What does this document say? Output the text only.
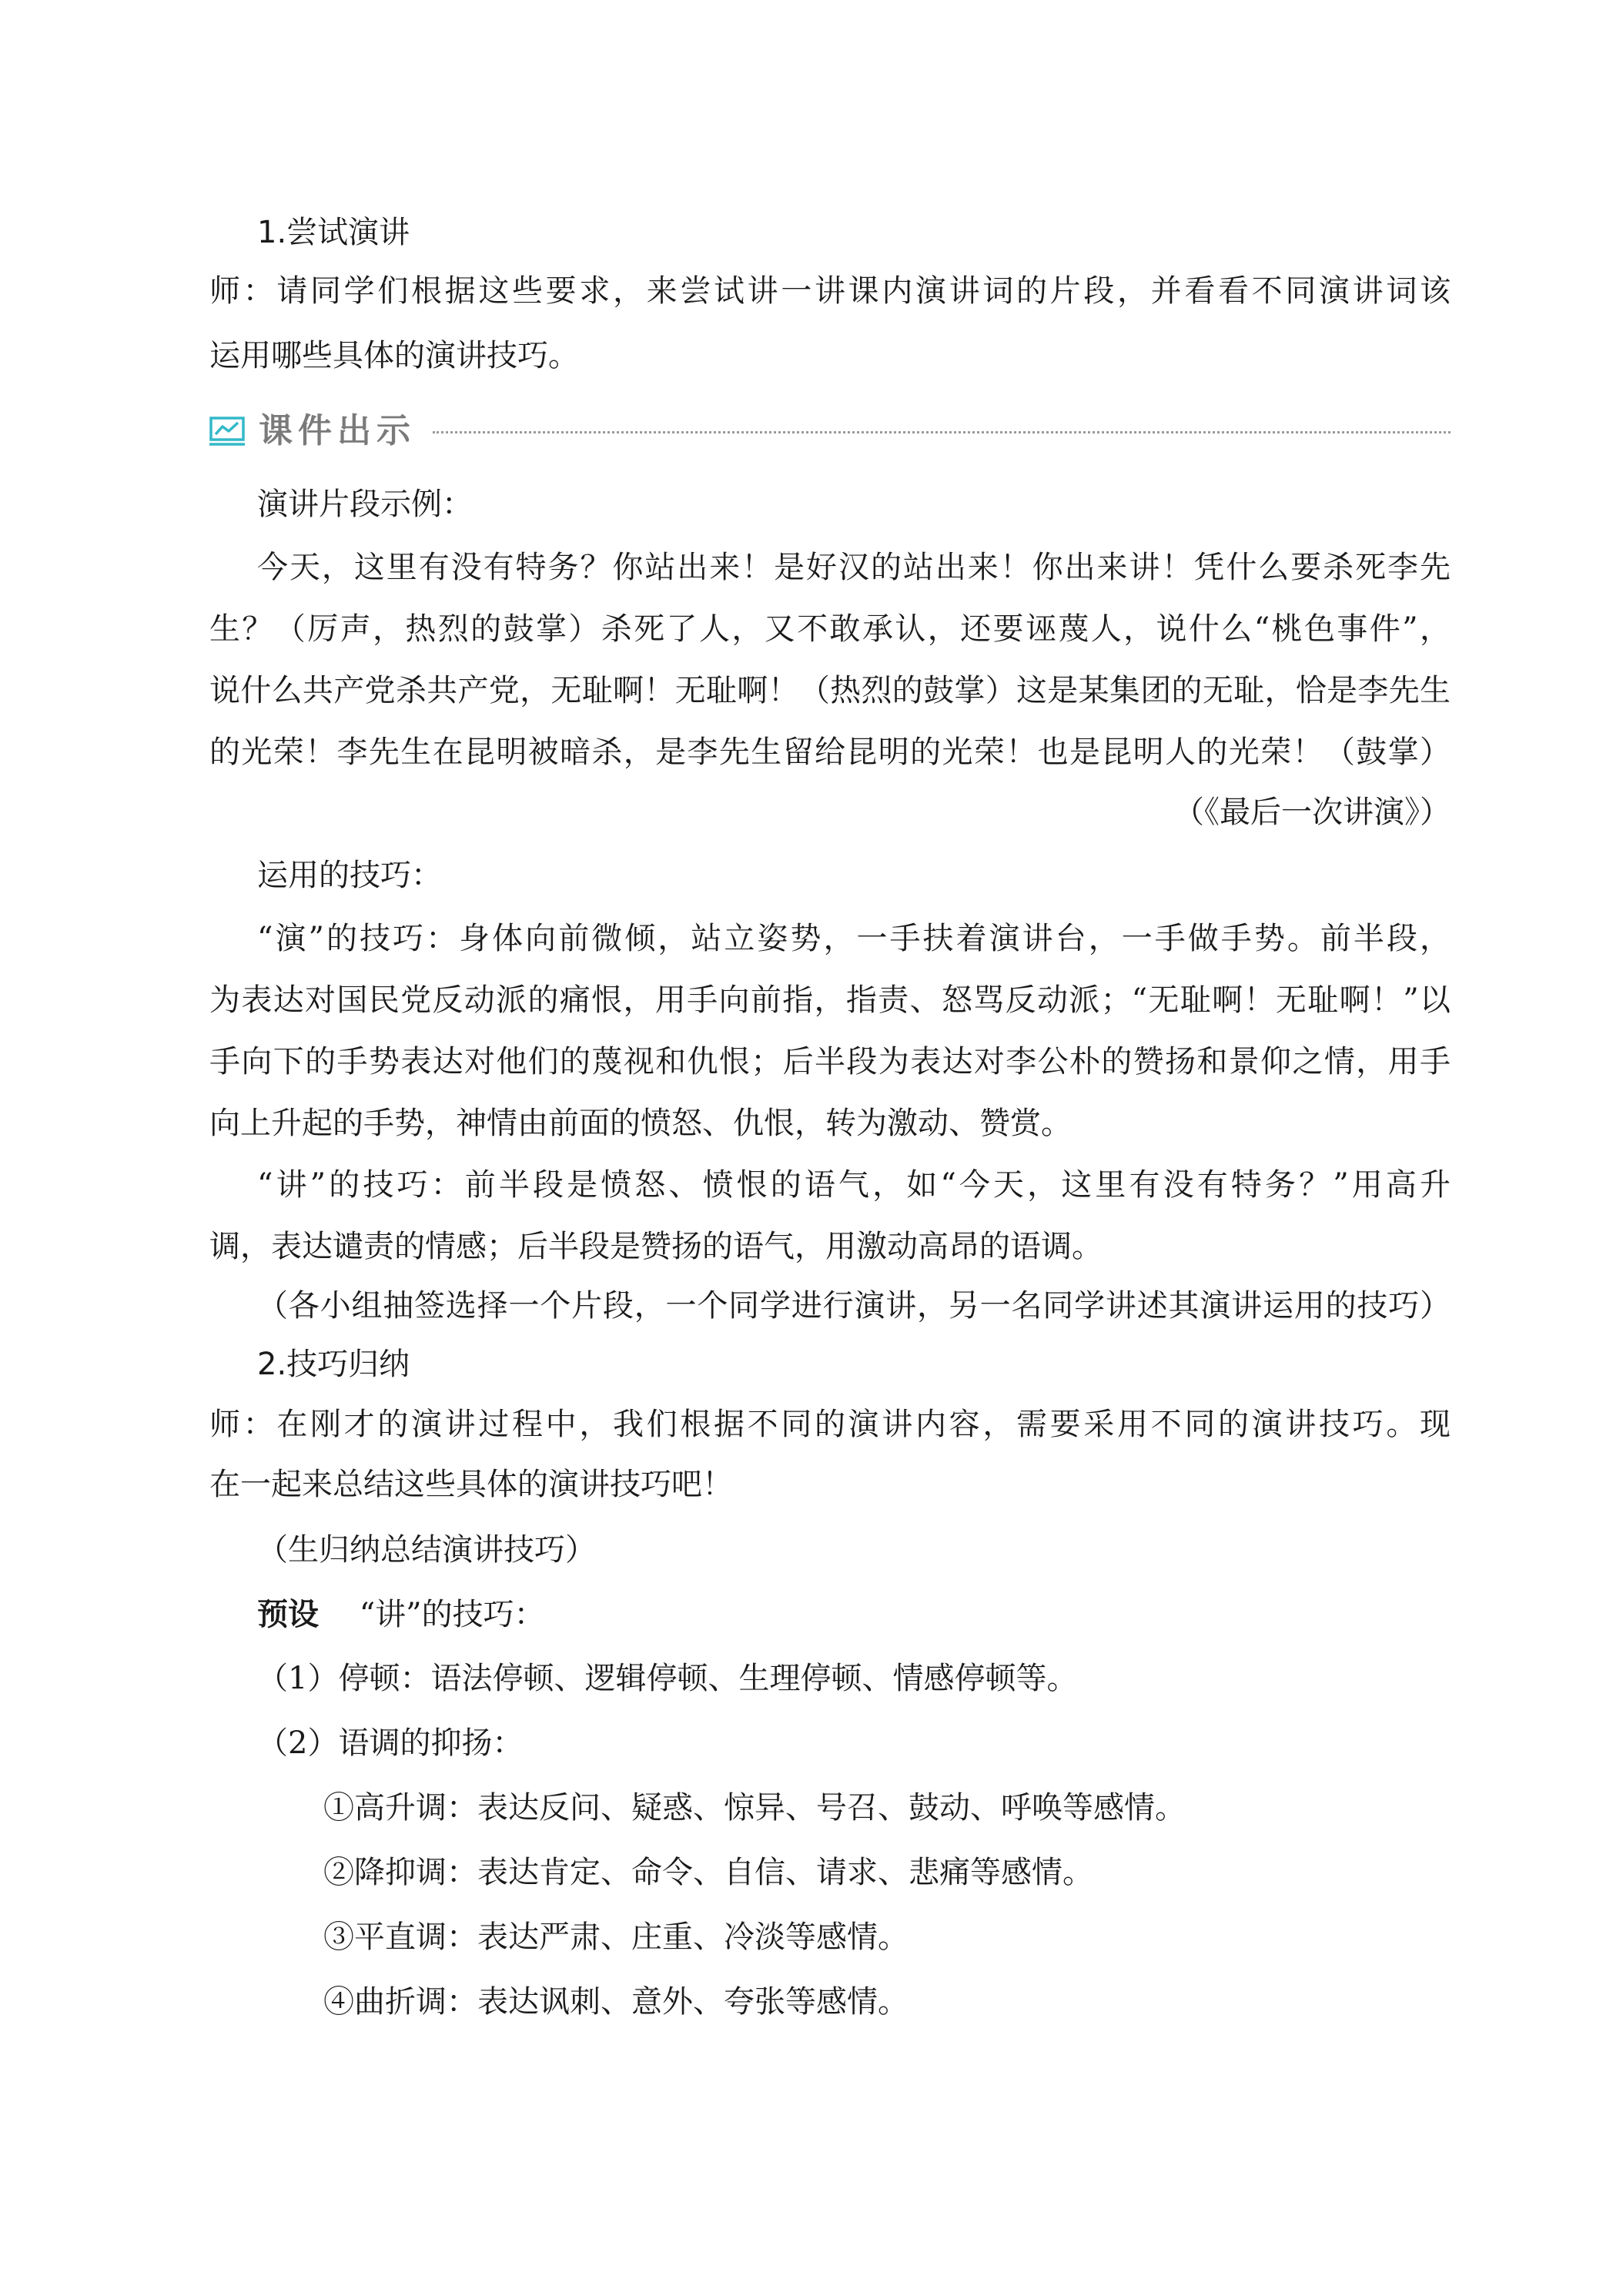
1.尝试演讲
师：请同学们根据这些要求，来尝试讲一讲课内演讲词的片段，并看看不同演讲词该
运用哪些具体的演讲技巧。
课件出示
演讲片段示例：
今天，这里有没有特务？你站出来！是好汉的站出来！你出来讲！凭什么要杀死李先
生？（厉声，热烈的鼓掌）杀死了人，又不敢承认，还要诬蔑人，说什么“桃色事件”，
说什么共产党杀共产党，无耻啊！无耻啊！（热烈的鼓掌）这是某集团的无耻，恰是李先生
的光荣！李先生在昆明被暗杀，是李先生留给昆明的光荣！也是昆明人的光荣！（鼓掌）
（《最后一次讲演》）
运用的技巧：
“演”的技巧：身体向前微倾，站立姿势，一手扶着演讲台，一手做手势。前半段，
为表达对国民党反动派的痛恨，用手向前指，指责、怒骂反动派；“无耻啊！无耻啊！”以
手向下的手势表达对他们的蔑视和仇恨；后半段为表达对李公朴的赞扬和景仰之情，用手
向上升起的手势，神情由前面的愤怒、仇恨，转为激动、赞赏。
“讲”的技巧：前半段是愤怒、愤恨的语气，如“今天，这里有没有特务？”用高升
调，表达谴责的情感；后半段是赞扬的语气，用激动高昂的语调。
（各小组抽签选择一个片段，一个同学进行演讲，另一名同学讲述其演讲运用的技巧）
2.技巧归纳
师：在刚才的演讲过程中，我们根据不同的演讲内容，需要采用不同的演讲技巧。现
在一起来总结这些具体的演讲技巧吧！
（生归纳总结演讲技巧）
预设 “讲”的技巧：
（1）停顿：语法停顿、逻辑停顿、生理停顿、情感停顿等。
（2）语调的抑扬：
①高升调：表达反问、疑惑、惊异、号召、鼓动、呼唤等感情。
②降抑调：表达肯定、命令、自信、请求、悲痛等感情。
③平直调：表达严肃、庄重、冷淡等感情。
④曲折调：表达讽刺、意外、夸张等感情。
